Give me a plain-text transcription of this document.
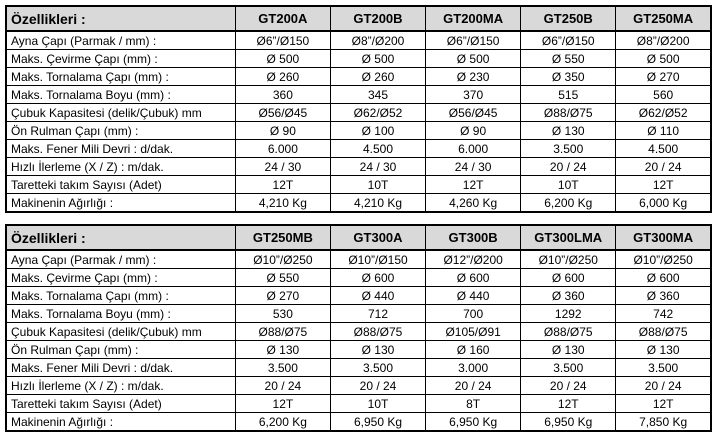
Özellikleri :	GT200A	GT200B	GT200MA	GT250B	GT250MA
Ayna Çapı (Parmak / mm) :	Ø6”/Ø150	Ø8”/Ø200	Ø6”/Ø150	Ø6”/Ø150	Ø8”/Ø200
Maks. Çevirme Çapı (mm) :	Ø 500	Ø 500	Ø 500	Ø 550	Ø 500
Maks. Tornalama Çapı (mm) :	Ø 260	Ø 260	Ø 230	Ø 350	Ø 270
Maks. Tornalama Boyu (mm) :	360	345	370	515	560
Çubuk Kapasitesi (delik/Çubuk) mm	Ø56/Ø45	Ø62/Ø52	Ø56/Ø45	Ø88/Ø75	Ø62/Ø52
Ön Rulman Çapı (mm) :	Ø 90	Ø 100	Ø 90	Ø 130	Ø 110
Maks. Fener Mili Devri : d/dak.	6.000	4.500	6.000	3.500	4.500
Hızlı İlerleme (X / Z) : m/dak.	24 / 30	24 / 30	24 / 30	20 / 24	20 / 24
Taretteki takım Sayısı (Adet)	12T	10T	12T	10T	12T
Makinenin Ağırlığı :	4,210 Kg	4,210 Kg	4,260 Kg	6,200 Kg	6,000 Kg
Özellikleri :	GT250MB	GT300A	GT300B	GT300LMA	GT300MA
Ayna Çapı (Parmak / mm) :	Ø10”/Ø250	Ø10”/Ø150	Ø12”/Ø200	Ø10”/Ø250	Ø10”/Ø250
Maks. Çevirme Çapı (mm) :	Ø 550	Ø 600	Ø 600	Ø 600	Ø 600
Maks. Tornalama Çapı (mm) :	Ø 270	Ø 440	Ø 440	Ø 360	Ø 360
Maks. Tornalama Boyu (mm) :	530	712	700	1292	742
Çubuk Kapasitesi (delik/Çubuk) mm	Ø88/Ø75	Ø88/Ø75	Ø105/Ø91	Ø88/Ø75	Ø88/Ø75
Ön Rulman Çapı (mm) :	Ø 130	Ø 130	Ø 160	Ø 130	Ø 130
Maks. Fener Mili Devri : d/dak.	3.500	3.500	3.000	3.500	3.500
Hızlı İlerleme (X / Z) : m/dak.	20 / 24	20 / 24	20 / 24	20 / 24	20 / 24
Taretteki takım Sayısı (Adet)	12T	10T	8T	12T	12T
Makinenin Ağırlığı :	6,200 Kg	6,950 Kg	6,950 Kg	6,950 Kg	7,850 Kg
